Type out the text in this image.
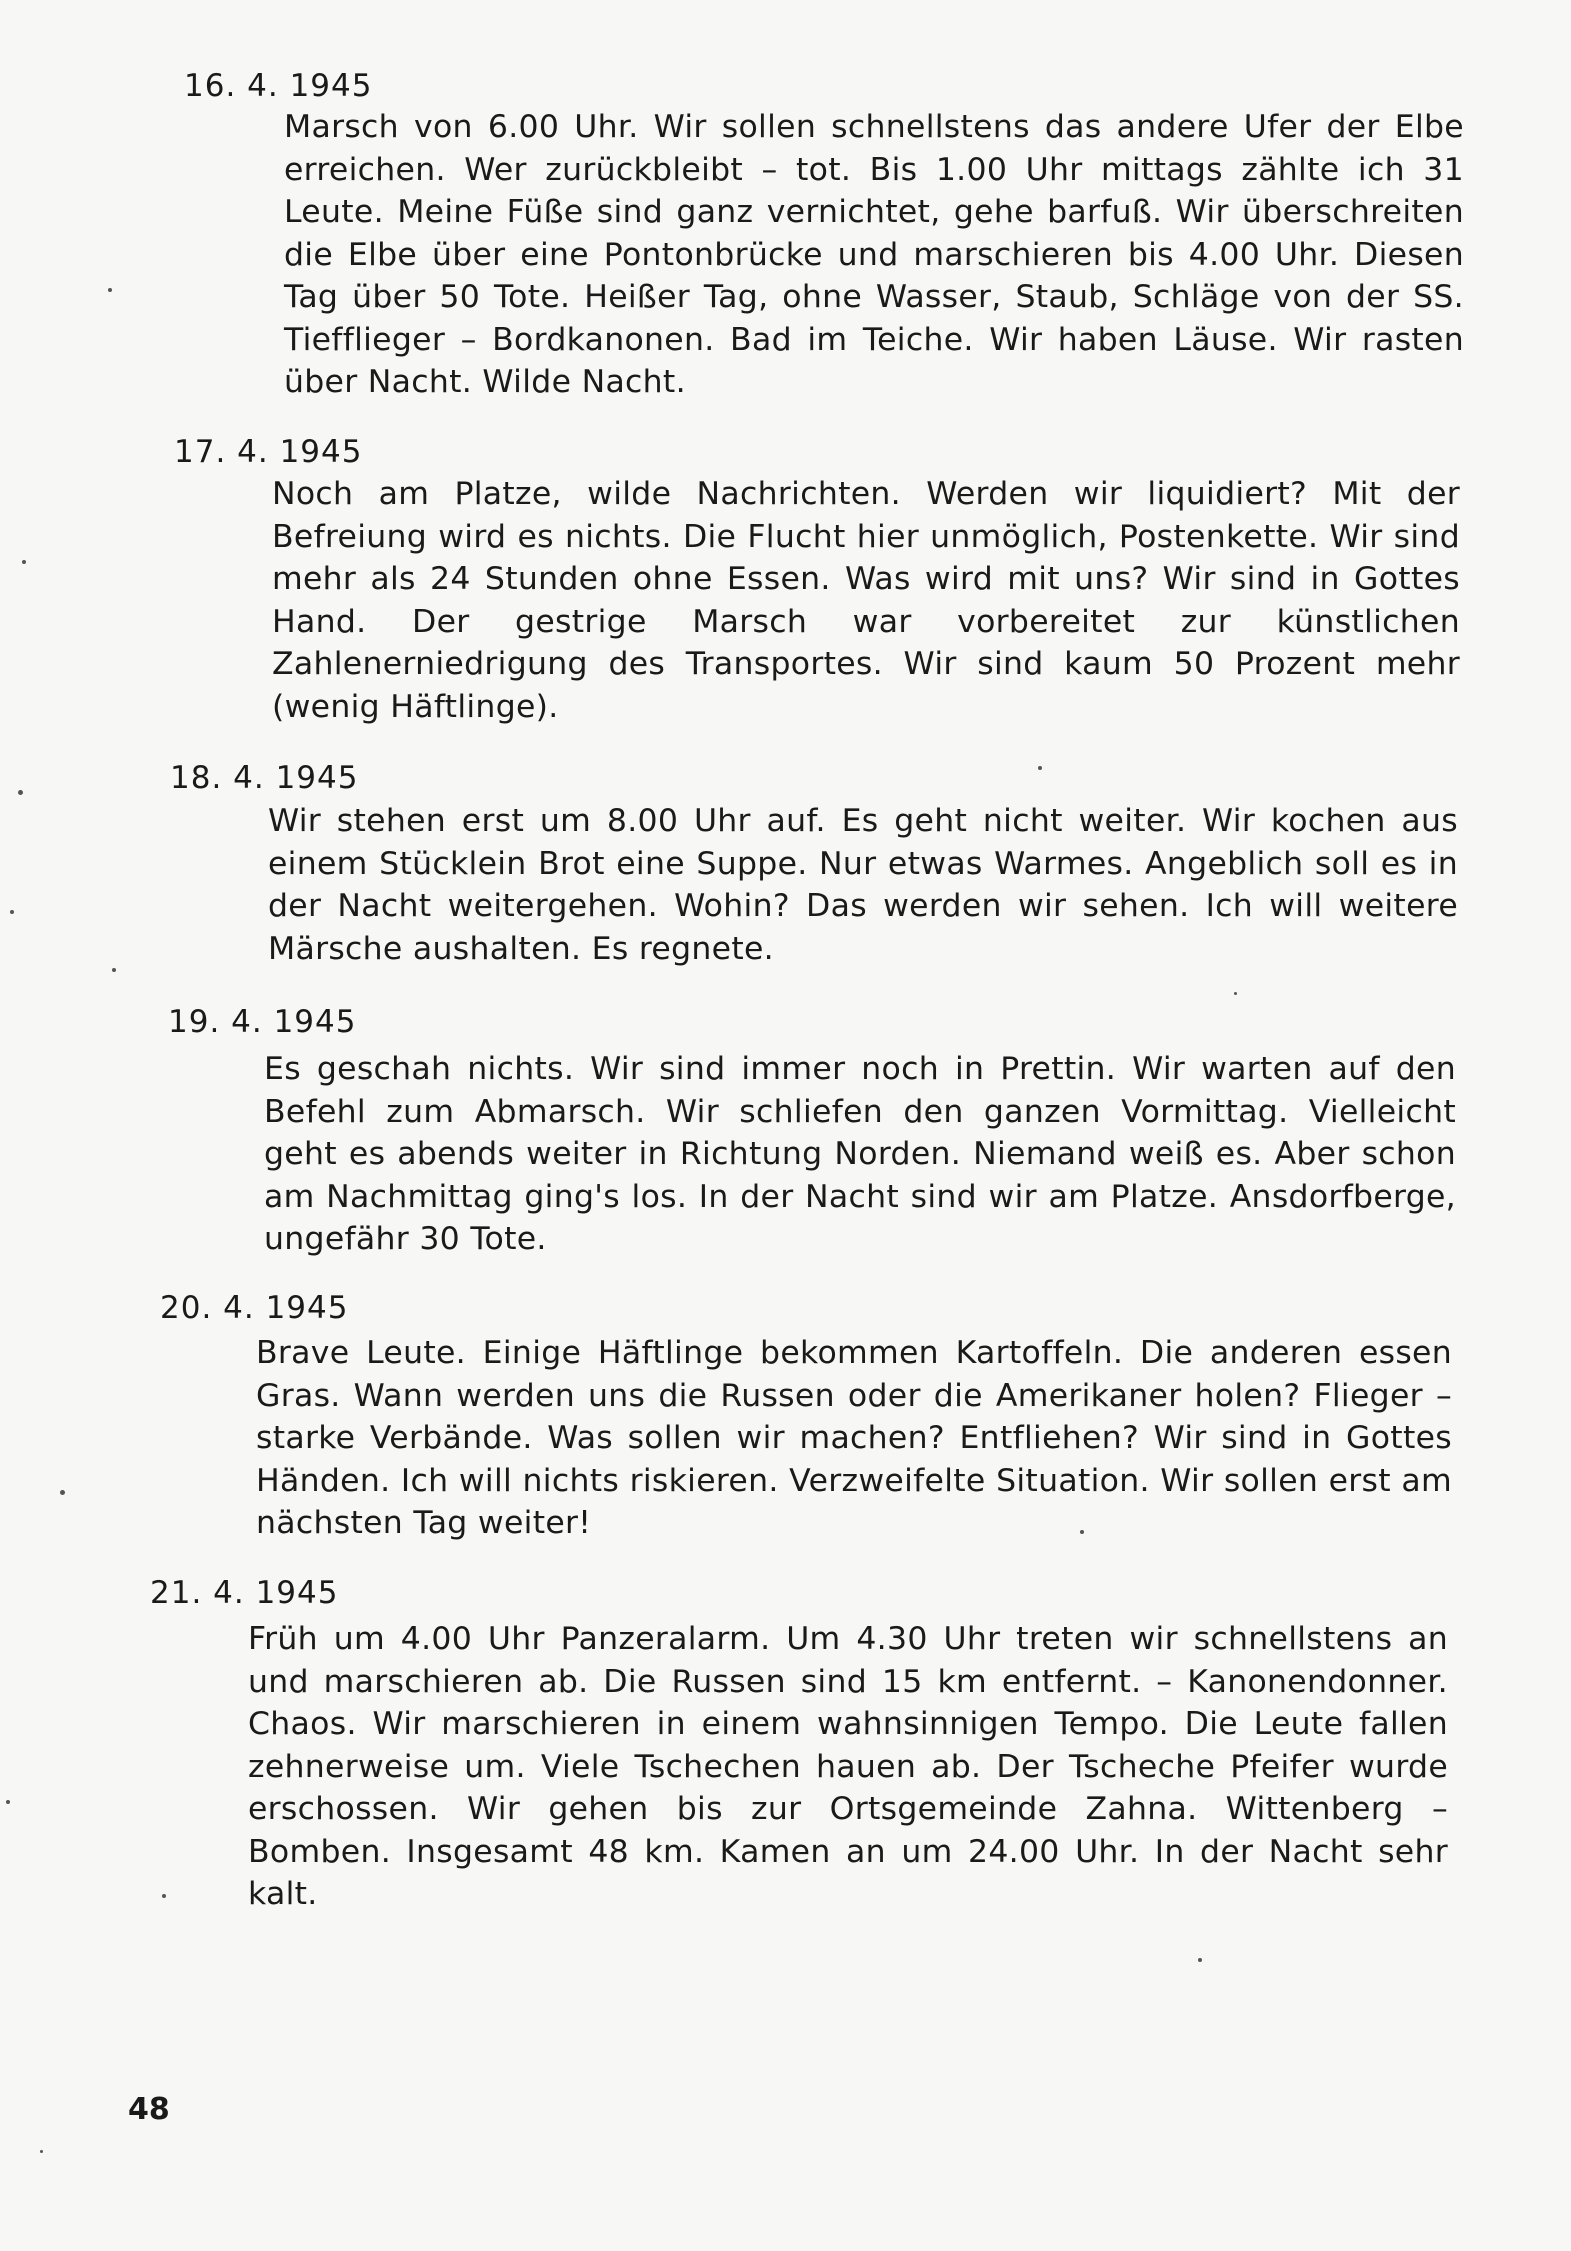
16. 4. 1945
Marsch von 6.00 Uhr. Wir sollen schnellstens das andere Ufer der Elbe erreichen. Wer zurückbleibt – tot. Bis 1.00 Uhr mittags zählte ich 31 Leute. Meine Füße sind ganz vernichtet, gehe barfuß. Wir überschreiten die Elbe über eine Pontonbrücke und marschieren bis 4.00 Uhr. Diesen Tag über 50 Tote. Heißer Tag, ohne Wasser, Staub, Schläge von der SS. Tiefflieger – Bordkanonen. Bad im Teiche. Wir haben Läuse. Wir rasten über Nacht. Wilde Nacht.
17. 4. 1945
Noch am Platze, wilde Nachrichten. Werden wir liquidiert? Mit der Befreiung wird es nichts. Die Flucht hier unmöglich, Postenkette. Wir sind mehr als 24 Stunden ohne Essen. Was wird mit uns? Wir sind in Gottes Hand. Der gestrige Marsch war vorbereitet zur künstlichen Zahlenerniedrigung des Transportes. Wir sind kaum 50 Prozent mehr (wenig Häftlinge).
18. 4. 1945
Wir stehen erst um 8.00 Uhr auf. Es geht nicht weiter. Wir kochen aus einem Stücklein Brot eine Suppe. Nur etwas Warmes. Angeblich soll es in der Nacht weitergehen. Wohin? Das werden wir sehen. Ich will weitere Märsche aushalten. Es regnete.
19. 4. 1945
Es geschah nichts. Wir sind immer noch in Prettin. Wir warten auf den Befehl zum Abmarsch. Wir schliefen den ganzen Vormittag. Vielleicht geht es abends weiter in Richtung Norden. Niemand weiß es. Aber schon am Nachmittag ging's los. In der Nacht sind wir am Platze. Ansdorfberge, ungefähr 30 Tote.
20. 4. 1945
Brave Leute. Einige Häftlinge bekommen Kartoffeln. Die anderen essen Gras. Wann werden uns die Russen oder die Amerikaner holen? Flieger – starke Verbände. Was sollen wir machen? Entfliehen? Wir sind in Gottes Händen. Ich will nichts riskieren. Verzweifelte Situation. Wir sollen erst am nächsten Tag weiter!
21. 4. 1945
Früh um 4.00 Uhr Panzeralarm. Um 4.30 Uhr treten wir schnellstens an und marschieren ab. Die Russen sind 15 km entfernt. – Kanonendonner. Chaos. Wir marschieren in einem wahnsinnigen Tempo. Die Leute fallen zehnerweise um. Viele Tschechen hauen ab. Der Tscheche Pfeifer wurde erschossen. Wir gehen bis zur Ortsgemeinde Zahna. Wittenberg – Bomben. Insgesamt 48 km. Kamen an um 24.00 Uhr. In der Nacht sehr kalt.
48
